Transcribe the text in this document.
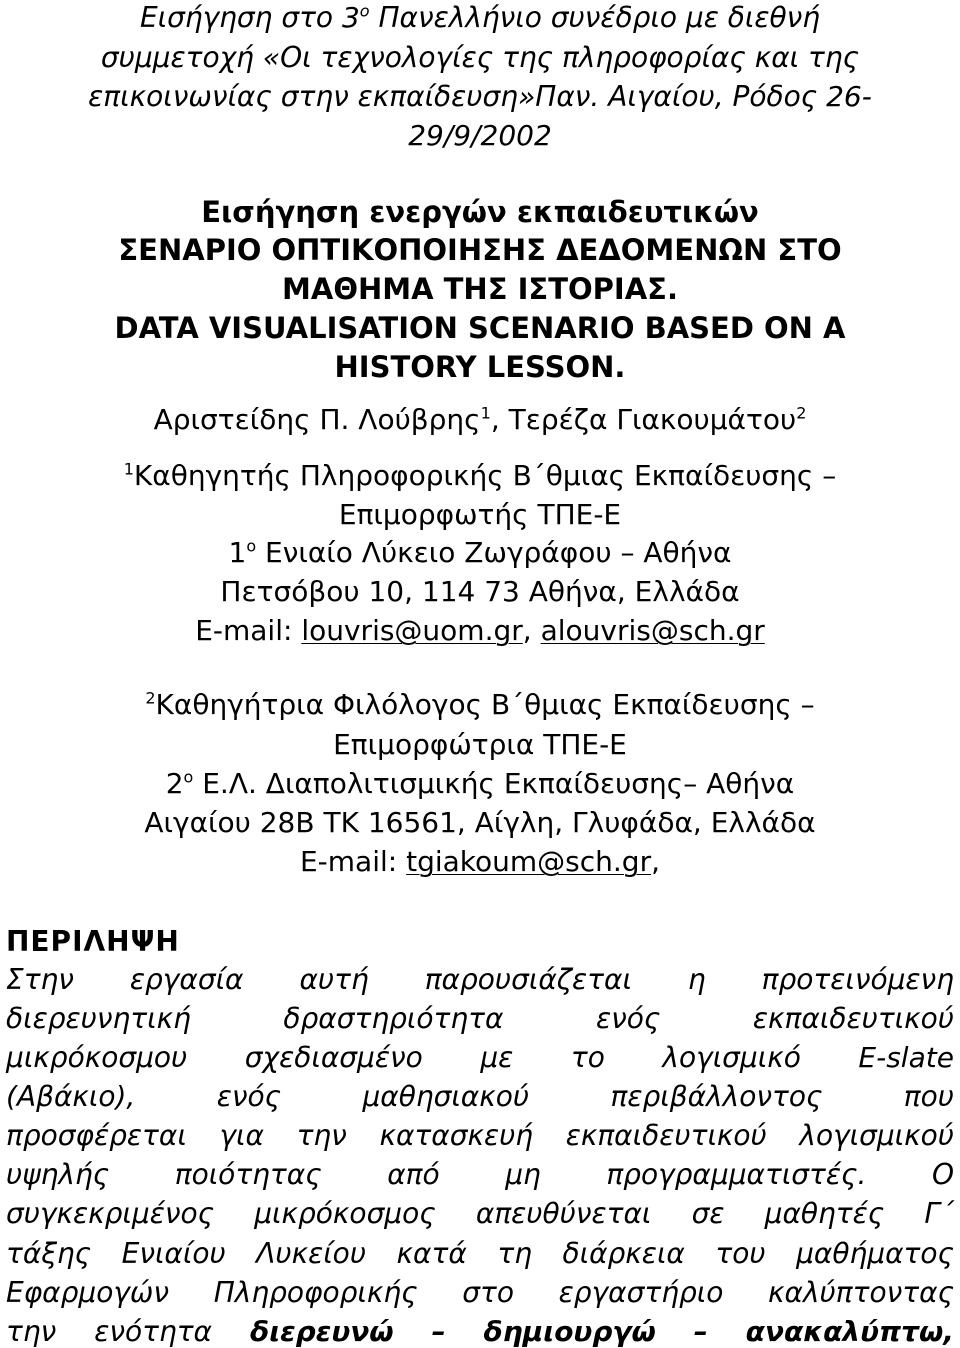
Εισήγηση στο $3^o$ Πανελλήνιο συνέδριο με διεθνή
συμμετοχή «Οι τεχνολογίες της πληροφορίας και της
επικοινωνίας στην εκπαίδευση»Παν. Αιγαίου, Ρόδος 26-
29/9/2002
Εισήγηση ενεργών εκπαιδευτικών
ΣΕΝΑΡΙΟ ΟΠΤΙΚΟΠΟΙΗΣΗΣ ΔΕΔΟΜΕΝΩΝ ΣΤΟ
ΜΑΘΗΜΑ ΤΗΣ ΙΣΤΟΡΙΑΣ.
DATA VISUALISATION SCENARIO BASED ON A
HISTORY LESSON.
Αριστείδης Π. Λούβρης$^1$, Τερέζα Γιακουμάτου$^2$
$^1$Καθηγητής Πληροφορικής Β΄θμιας Εκπαίδευσης –
Επιμορφωτής ΤΠΕ-Ε
$1^o$ Ενιαίο Λύκειο Ζωγράφου – Αθήνα
Πετσόβου 10, 114 73 Αθήνα, Ελλάδα
E-mail: louvris@uom.gr, alouvris@sch.gr
$^2$Καθηγήτρια Φιλόλογος Β΄θμιας Εκπαίδευσης –
Επιμορφώτρια ΤΠΕ-Ε
$2^o$ Ε.Λ. Διαπολιτισμικής Εκπαίδευσης– Αθήνα
Αιγαίου 28Β ΤΚ 16561, Αίγλη, Γλυφάδα, Ελλάδα
E-mail: tgiakoum@sch.gr,
ΠΕΡΙΛΗΨΗ
Στην εργασία αυτή παρουσιάζεται η προτεινόμενη
διερευνητική	δραστηριότητα	ενός	εκπαιδευτικού
μικρόκοσμου σχεδιασμένο με το λογισμικό E-slate
(Αβάκιο),	ενός	μαθησιακού	περιβάλλοντος	που
προσφέρεται για την κατασκευή εκπαιδευτικού λογισμικού
υψηλής ποιότητας από μη προγραμματιστές. Ο
συγκεκριμένος μικρόκοσμος απευθύνεται σε μαθητές Γ΄
τάξης Ενιαίου Λυκείου κατά τη διάρκεια του μαθήματος
Εφαρμογών Πληροφορικής στο εργαστήριο καλύπτοντας
την ενότητα διερευνώ – δημιουργώ – ανακαλύπτω,
